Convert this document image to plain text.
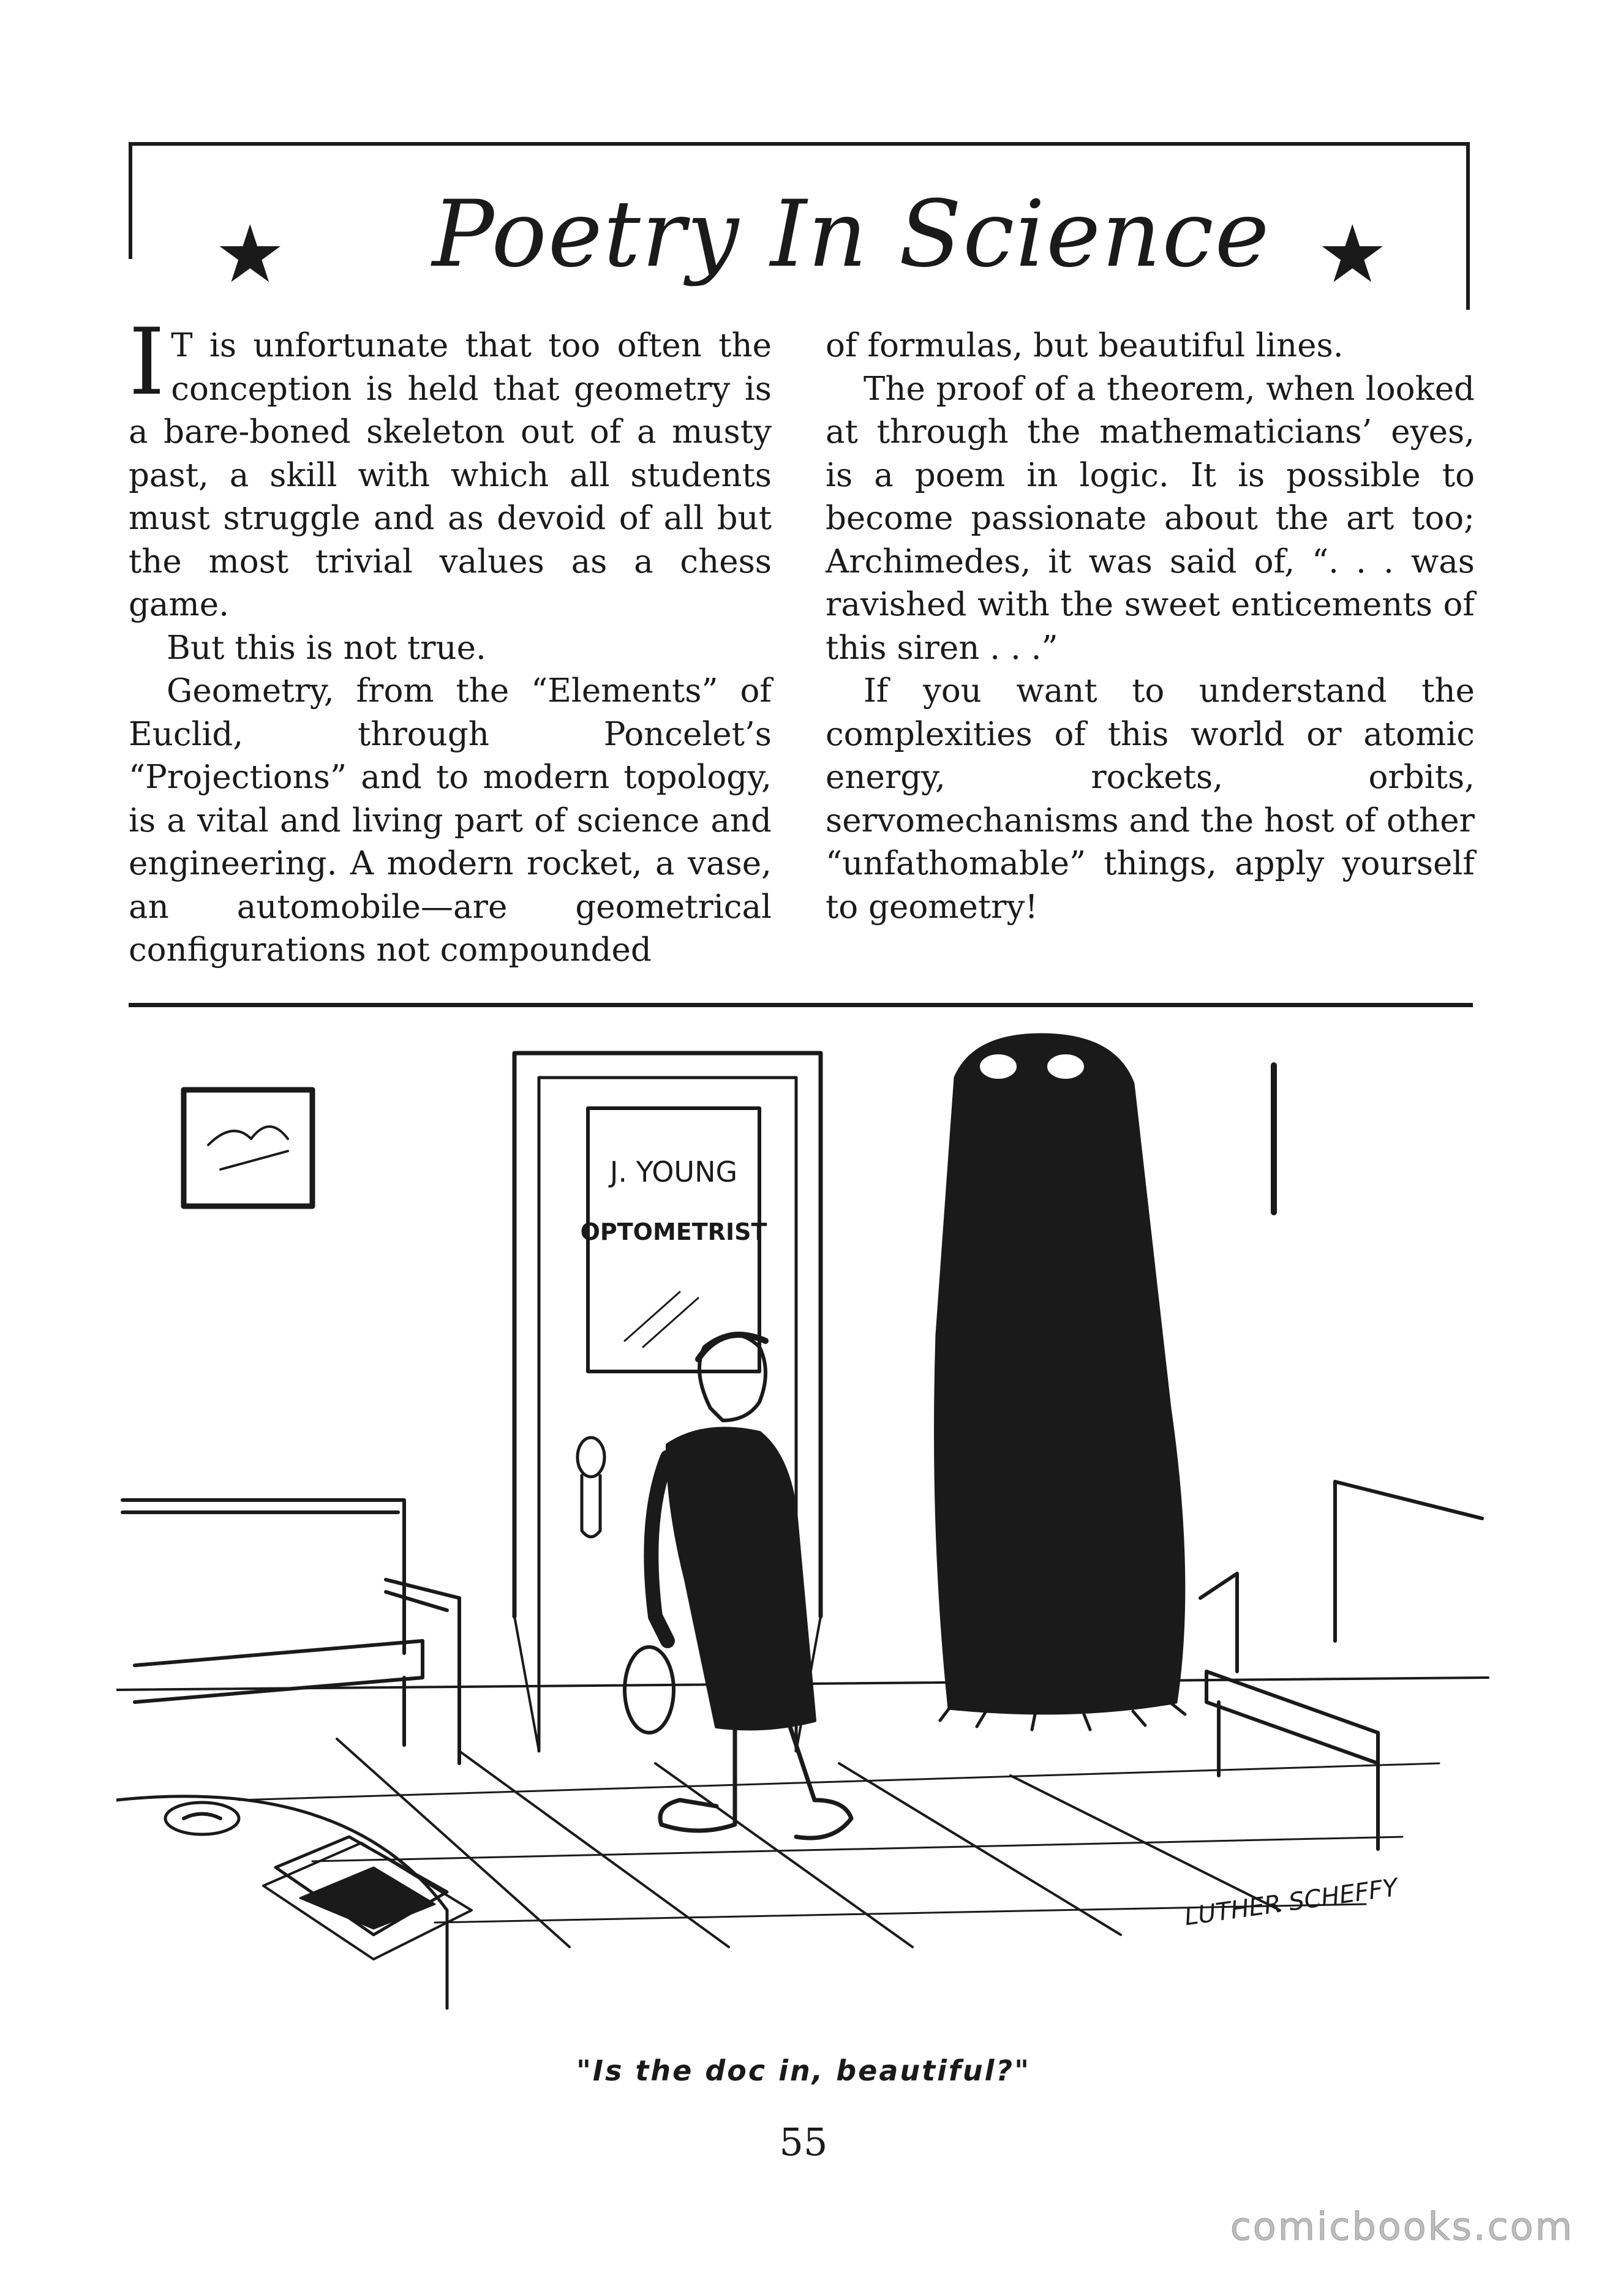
★ Poetry In Science ★

I T is unfortunate that too often the conception is held that geometry is a bare-boned skeleton out of a musty past, a skill with which all students must struggle and as devoid of all but the most trivial values as a chess game.

But this is not true.

Geometry, from the “Elements” of Euclid, through Poncelet’s “Projections” and to modern topology, is a vital and living part of science and engineering. A modern rocket, a vase, an automobile—are geometrical configurations not compounded

of formulas, but beautiful lines.

The proof of a theorem, when looked at through the mathematicians’ eyes, is a poem in logic. It is possible to become passionate about the art too; Archimedes, it was said of, “. . . was ravished with the sweet enticements of this siren . . .”

If you want to understand the complexities of this world or atomic energy, rockets, orbits, servomechanisms and the host of other “unfathomable” things, apply yourself to geometry!

J. YOUNG
OPTOMETRIST
LUTHER SCHEFFY
"Is the doc in, beautiful?"
55
comicbooks.com
